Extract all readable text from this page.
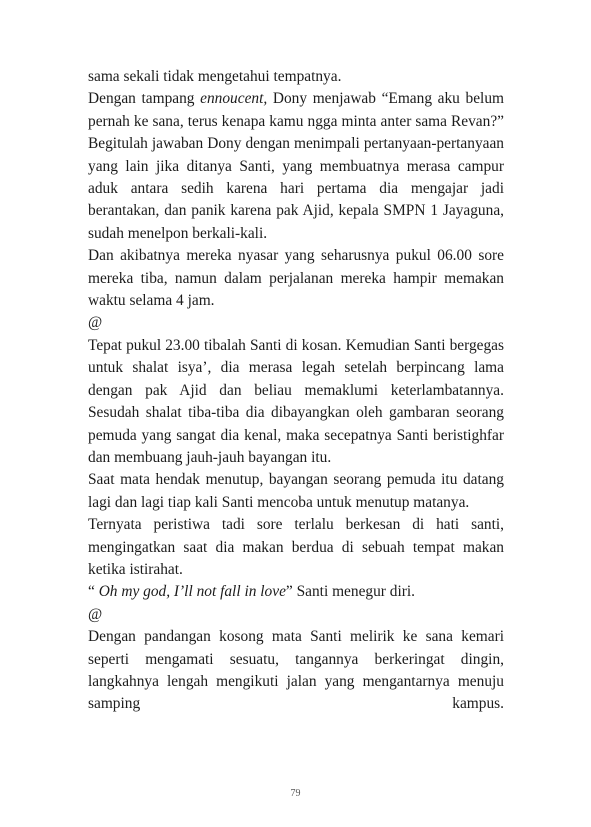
sama sekali tidak mengetahui tempatnya.

Dengan tampang ennoucent, Dony menjawab “Emang aku belum pernah ke sana, terus kenapa kamu ngga minta anter sama Revan?” Begitulah jawaban Dony dengan menimpali pertanyaan-pertanyaan yang lain jika ditanya Santi, yang membuatnya merasa campur aduk antara sedih karena hari pertama dia mengajar jadi berantakan, dan panik karena pak Ajid, kepala SMPN 1 Jayaguna, sudah menelpon berkali-kali.

Dan akibatnya mereka nyasar yang seharusnya pukul 06.00 sore mereka tiba, namun dalam perjalanan mereka hampir memakan waktu selama 4 jam.

@

Tepat pukul 23.00 tibalah Santi di kosan. Kemudian Santi bergegas untuk shalat isya’, dia merasa legah setelah berpincang lama dengan pak Ajid dan beliau memaklumi keterlambatannya. Sesudah shalat tiba-tiba dia dibayangkan oleh gambaran seorang pemuda yang sangat dia kenal, maka secepatnya Santi beristighfar dan membuang jauh-jauh bayangan itu.

Saat mata hendak menutup, bayangan seorang pemuda itu datang lagi dan lagi tiap kali Santi mencoba untuk menutup matanya.

Ternyata peristiwa tadi sore terlalu berkesan di hati santi, mengingatkan saat dia makan berdua di sebuah tempat makan ketika istirahat.

“ Oh my god, I’ll not fall in love” Santi menegur diri.

@

Dengan pandangan kosong mata Santi melirik ke sana kemari seperti mengamati sesuatu, tangannya berkeringat dingin, langkahnya lengah mengikuti jalan yang mengantarnya menuju samping kampus.

79
